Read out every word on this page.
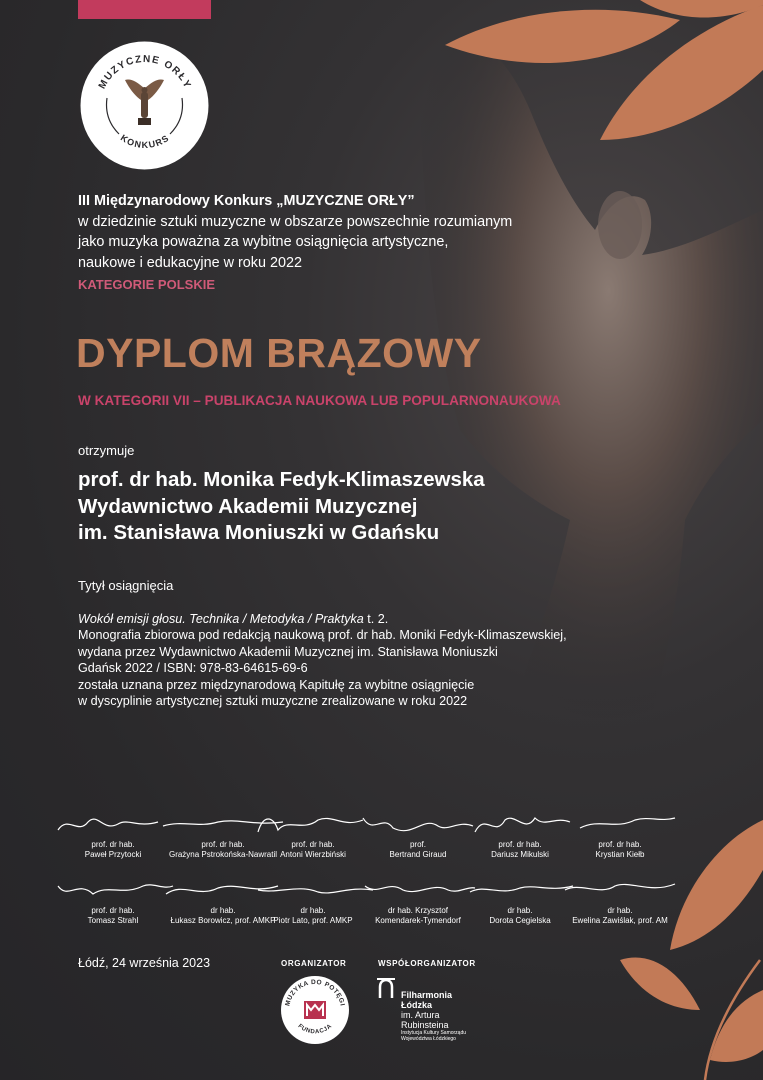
MUZYCZNE ORŁY
KONKURS
III Międzynarodowy Konkurs „MUZYCZNE ORŁY”
w dziedzinie sztuki muzyczne w obszarze powszechnie rozumianym
jako muzyka poważna za wybitne osiągnięcia artystyczne,
naukowe i edukacyjne w roku 2022
KATEGORIE POLSKIE
DYPLOM BRĄZOWY
W KATEGORII VII – PUBLIKACJA NAUKOWA LUB POPULARNONAUKOWA
otrzymuje
prof. dr hab. Monika Fedyk-Klimaszewska
Wydawnictwo Akademii Muzycznej
im. Stanisława Moniuszki w Gdańsku
Tytył osiągnięcia
Wokół emisji głosu. Technika / Metodyka / Praktyka t. 2.
Monografia zbiorowa pod redakcją naukową prof. dr hab. Moniki Fedyk-Klimaszewskiej,
wydana przez Wydawnictwo Akademii Muzycznej im. Stanisława Moniuszki
Gdańsk 2022 / ISBN: 978-83-64615-69-6
została uznana przez międzynarodową Kapitułę za wybitne osiągnięcie
w dyscyplinie artystycznej sztuki muzyczne zrealizowane w roku 2022
prof. dr hab.
Paweł Przytocki
prof. dr hab.
Grażyna Pstrokońska-Nawratil
prof. dr hab.
Antoni Wierzbiński
prof.
Bertrand Giraud
prof. dr hab.
Dariusz Mikulski
prof. dr hab.
Krystian Kiełb
prof. dr hab.
Tomasz Strahl
dr hab.
Łukasz Borowicz, prof. AMKP
dr hab.
Piotr Lato, prof. AMKP
dr hab. Krzysztof
Komendarek-Tymendorf
dr hab.
Dorota Cegielska
dr hab.
Ewelina Zawiślak, prof. AM
Łódź, 24 września 2023	ORGANIZATOR	WSPÓŁORGANIZATOR
MUZYKA DO POTĘGI
FUNDACJA
Filharmonia
Łódzka
im. Artura
Rubinsteina
Instytucja Kultury Samorządu
Województwa Łódzkiego
